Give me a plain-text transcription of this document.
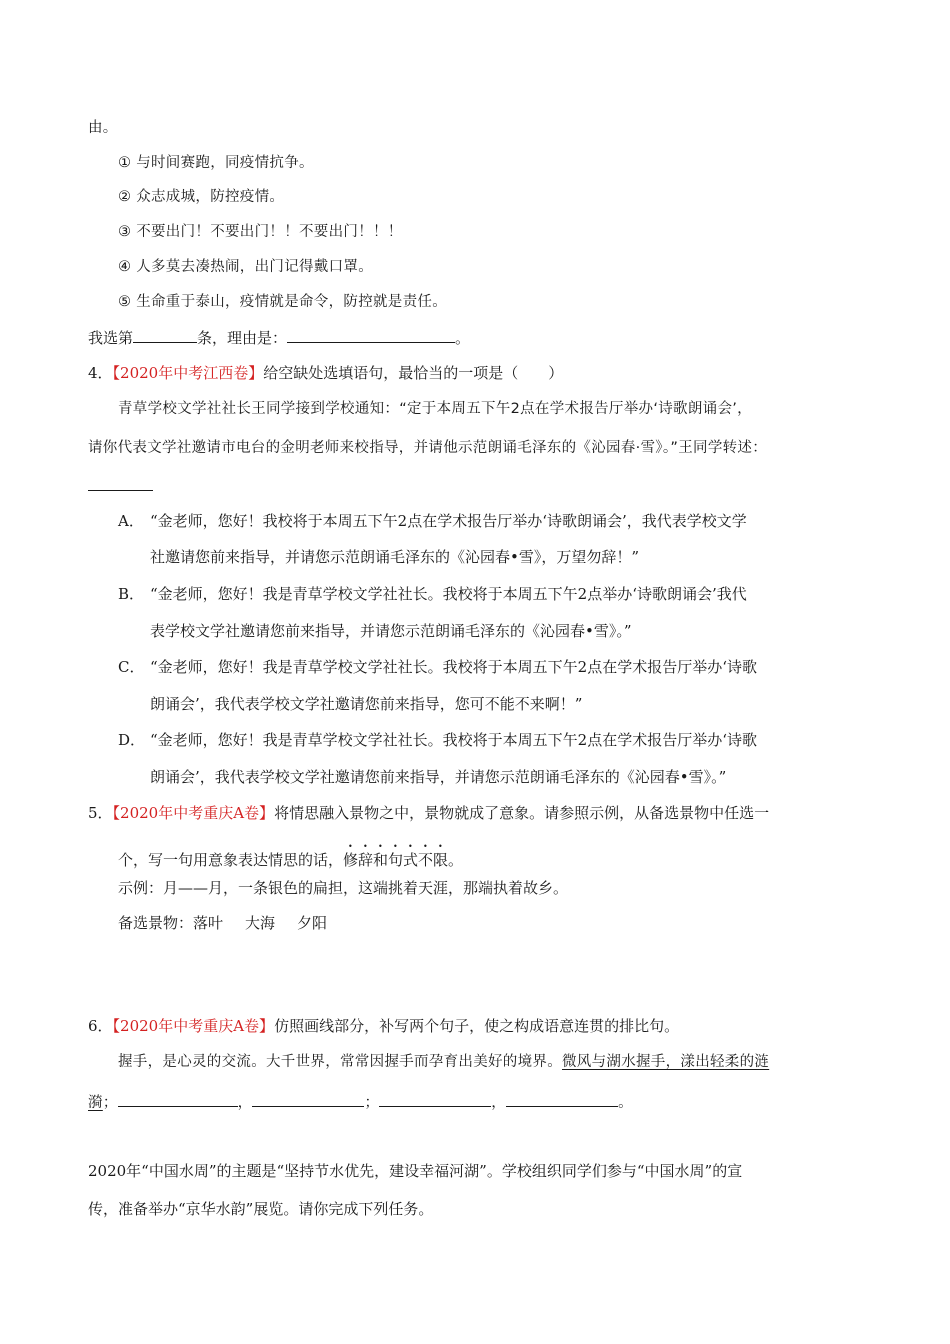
由。
① 与时间赛跑，同疫情抗争。
② 众志成城，防控疫情。
③ 不要出门！不要出门！！不要出门！！！
④ 人多莫去凑热闹，出门记得戴口罩。
⑤ 生命重于泰山，疫情就是命令，防控就是责任。
我选第	条，理由是：	。
4．【2020年中考江西卷】给空缺处选填语句，最恰当的一项是（　　）
青草学校文学社社长王同学接到学校通知：“定于本周五下午2点在学术报告厅举办‘诗歌朗诵会’，
请你代表文学社邀请市电台的金明老师来校指导，并请他示范朗诵毛泽东的《沁园春·雪》。”王同学转述：
A． “金老师，您好！我校将于本周五下午2点在学术报告厅举办‘诗歌朗诵会’，我代表学校文学
社邀请您前来指导，并请您示范朗诵毛泽东的《沁园春•雪》，万望勿辞！”
B． “金老师，您好！我是青草学校文学社社长。我校将于本周五下午2点举办‘诗歌朗诵会’我代
表学校文学社邀请您前来指导，并请您示范朗诵毛泽东的《沁园春•雪》。”
C． “金老师，您好！我是青草学校文学社社长。我校将于本周五下午2点在学术报告厅举办‘诗歌
朗诵会’，我代表学校文学社邀请您前来指导，您可不能不来啊！”
D． “金老师，您好！我是青草学校文学社社长。我校将于本周五下午2点在学术报告厅举办‘诗歌
朗诵会’，我代表学校文学社邀请您前来指导，并请您示范朗诵毛泽东的《沁园春•雪》。”
5．【2020年中考重庆A卷】将情思融入景物之中，景物就成了意象。请参照示例，从备选景物中任选一
个，写一句用意象表达情思的话，修辞和句式不限。
示例：月——月，一条银色的扁担，这端挑着天涯，那端执着故乡。
备选景物：落叶 大海 夕阳
6．【2020年中考重庆A卷】仿照画线部分，补写两个句子，使之构成语意连贯的排比句。
握手，是心灵的交流。大千世界，常常因握手而孕育出美好的境界。微风与湖水握手，漾出轻柔的涟
漪；	，	；	，	。
2020年“中国水周”的主题是“坚持节水优先，建设幸福河湖”。学校组织同学们参与“中国水周”的宣
传，准备举办“京华水韵”展览。请你完成下列任务。
